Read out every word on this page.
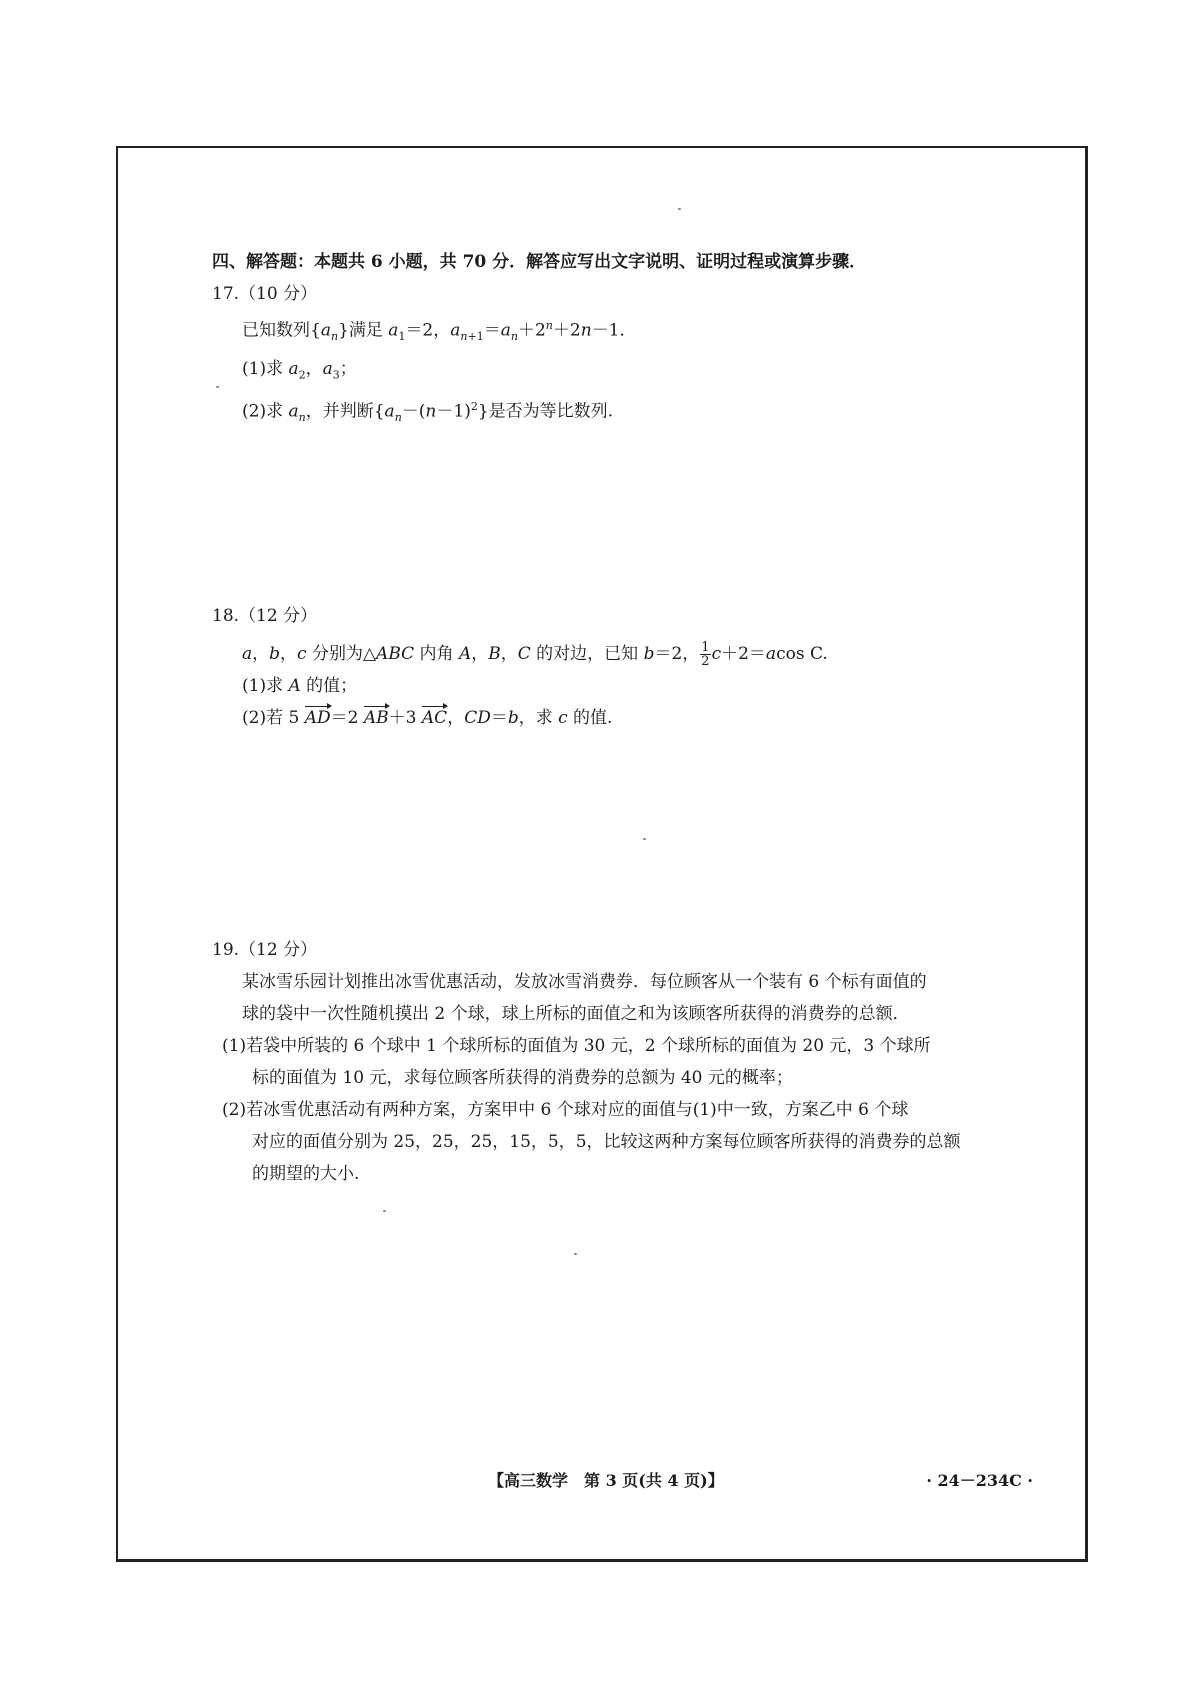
四、解答题：本题共 6 小题，共 70 分．解答应写出文字说明、证明过程或演算步骤．

17.（10 分）

已知数列$\{a_n\}$满足 $a_1=2$，$a_{n+1}=a_n+2^n+2n-1$．

(1)求 $a_2$，$a_3$；

(2)求 $a_n$，并判断$\{a_n-(n-1)^2\}$是否为等比数列.

18.（12 分）

a，b，c 分别为△ABC 内角 A，B，C 的对边，已知 b＝2， $\frac{1}{2} c+2=acos$ C.

(1)求 A 的值；

(2)若 5 AD＝2 AB＋3 AC，CD＝b，求 c 的值.

19.（12 分）

某冰雪乐园计划推出冰雪优惠活动，发放冰雪消费券．每位顾客从一个装有 6 个标有面值的

球的袋中一次性随机摸出 2 个球，球上所标的面值之和为该顾客所获得的消费券的总额．

(1)若袋中所装的 6 个球中 1 个球所标的面值为 30 元，2 个球所标的面值为 20 元，3 个球所
标的面值为 10 元，求每位顾客所获得的消费券的总额为 40 元的概率；

(2)若冰雪优惠活动有两种方案，方案甲中 6 个球对应的面值与(1)中一致，方案乙中 6 个球
对应的面值分别为 25，25，25，15，5，5，比较这两种方案每位顾客所获得的消费券的总额
的期望的大小.

【高三数学　第 3 页(共 4 页)】	· 24－234C ·
